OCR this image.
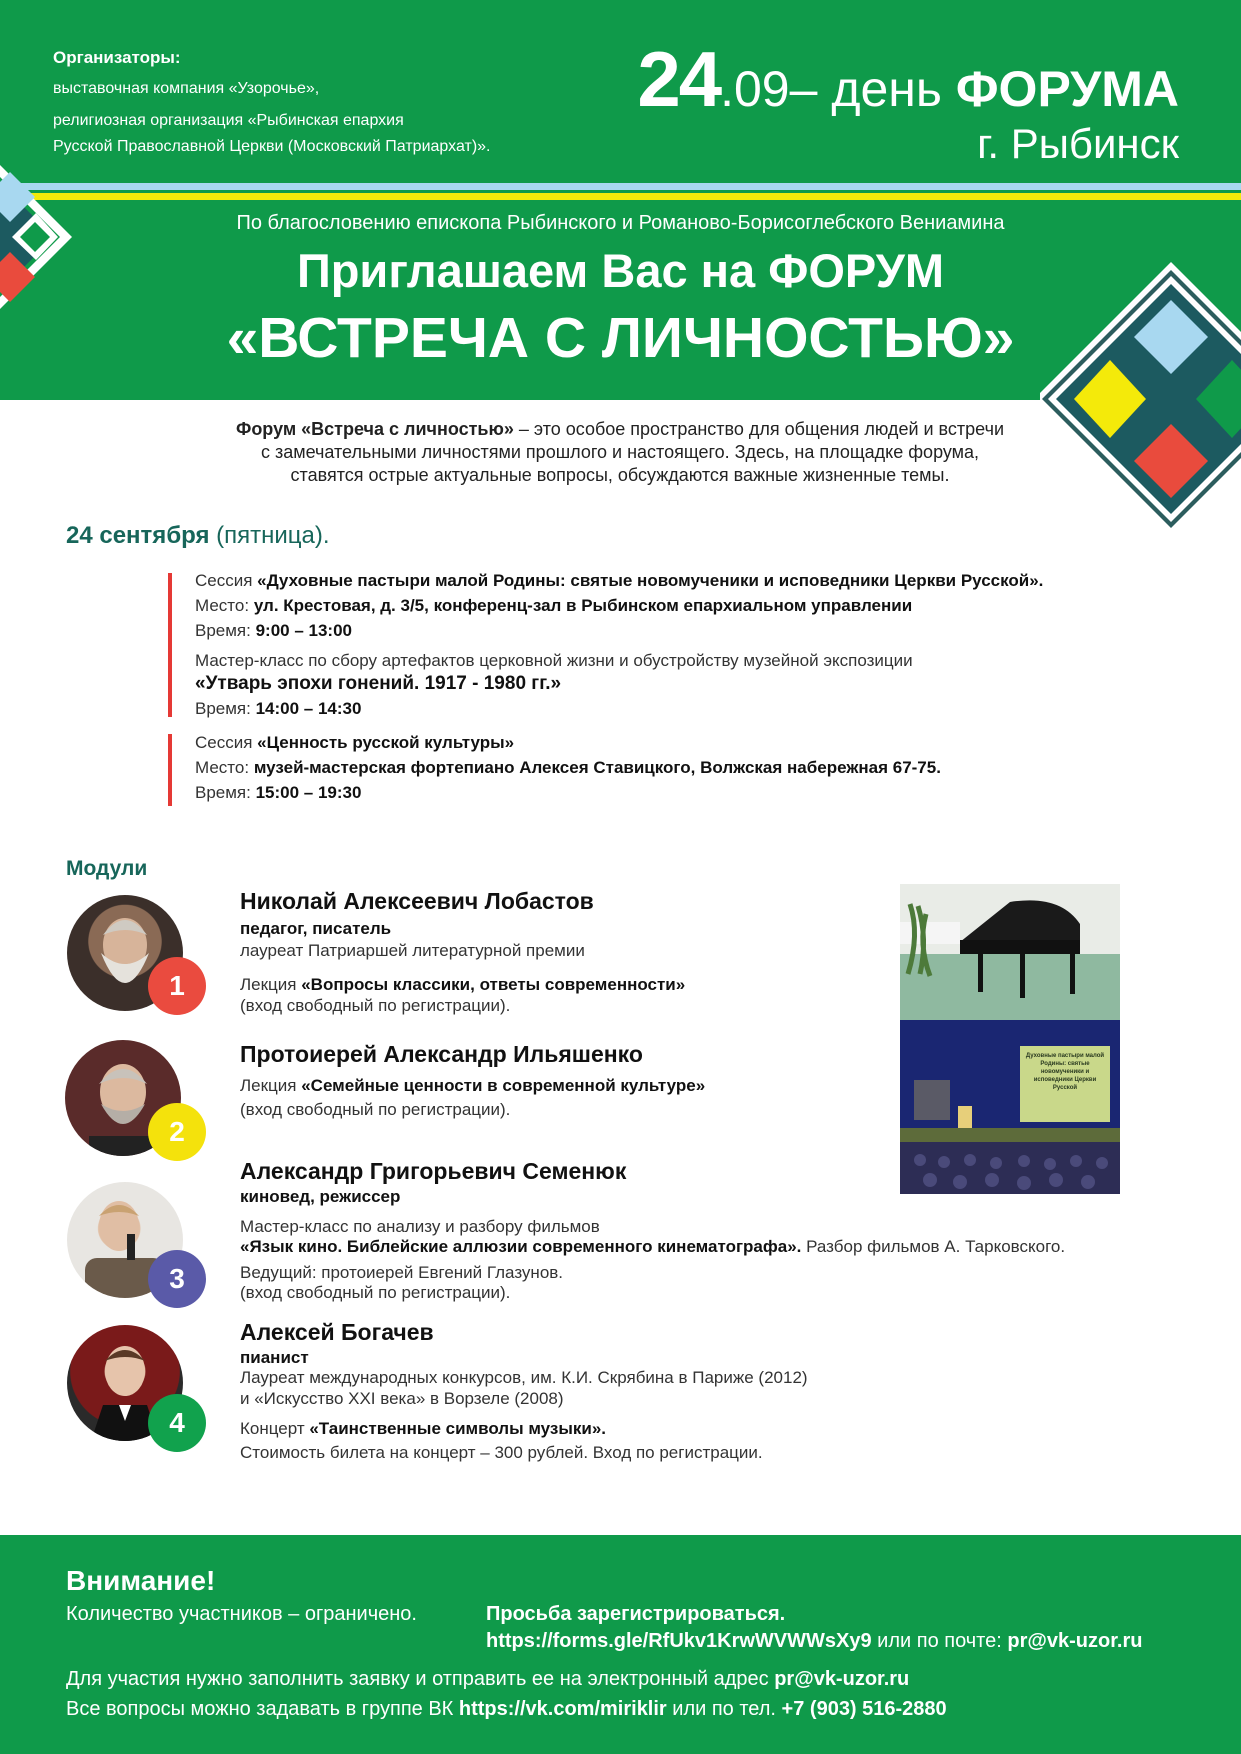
Организаторы:
выставочная компания «Узорочье»,
религиозная организация «Рыбинская епархия
Русской Православной Церкви (Московский Патриархат)».
24.09– день ФОРУМА
г. Рыбинск
По благословению епископа Рыбинского и Романово-Борисоглебского Вениамина
Приглашаем Вас на ФОРУМ
«ВСТРЕЧА С ЛИЧНОСТЬЮ»
Форум «Встреча с личностью» – это особое пространство для общения людей и встречи
с замечательными личностями прошлого и настоящего. Здесь, на площадке форума,
ставятся острые актуальные вопросы, обсуждаются важные жизненные темы.
24 сентября (пятница).
Сессия «Духовные пастыри малой Родины: святые новомученики и исповедники Церкви Русской».
Место: ул. Крестовая, д. 3/5, конференц-зал в Рыбинском епархиальном управлении
Время: 9:00 – 13:00
Мастер-класс по сбору артефактов церковной жизни и обустройству музейной экспозиции
«Утварь эпохи гонений. 1917 - 1980 гг.»
Время: 14:00 – 14:30
Сессия «Ценность русской культуры»
Место: музей-мастерская фортепиано Алексея Ставицкого, Волжская набережная 67-75.
Время: 15:00 – 19:30
Модули
1
Николай Алексеевич Лобастов
педагог, писатель
лауреат Патриаршей литературной премии
Лекция «Вопросы классики, ответы современности»
(вход свободный по регистрации).
2
Протоиерей Александр Ильяшенко
Лекция «Семейные ценности в современной культуре»
(вход свободный по регистрации).
3
Александр Григорьевич Семенюк
киновед, режиссер
Мастер-класс по анализу и разбору фильмов
«Язык кино. Библейские аллюзии современного кинематографа». Разбор фильмов А. Тарковского.
Ведущий: протоиерей Евгений Глазунов.
(вход свободный по регистрации).
4
Алексей Богачев
пианист
Лауреат международных конкурсов, им. К.И. Скрябина в Париже (2012)
и «Искусство XXI века» в Ворзеле (2008)
Концерт «Таинственные символы музыки».
Стоимость билета на концерт – 300 рублей. Вход по регистрации.
Духовные пастыри малой Родины: святые новомученики и исповедники Церкви Русской
Внимание!
Количество участников – ограничено.	Просьба зарегистрироваться.
https://forms.gle/RfUkv1KrwWVWWsXy9 или по почте: pr@vk-uzor.ru
Для участия нужно заполнить заявку и отправить ее на электронный адрес pr@vk-uzor.ru
Все вопросы можно задавать в группе ВК https://vk.com/miriklir или по тел. +7 (903) 516-2880
